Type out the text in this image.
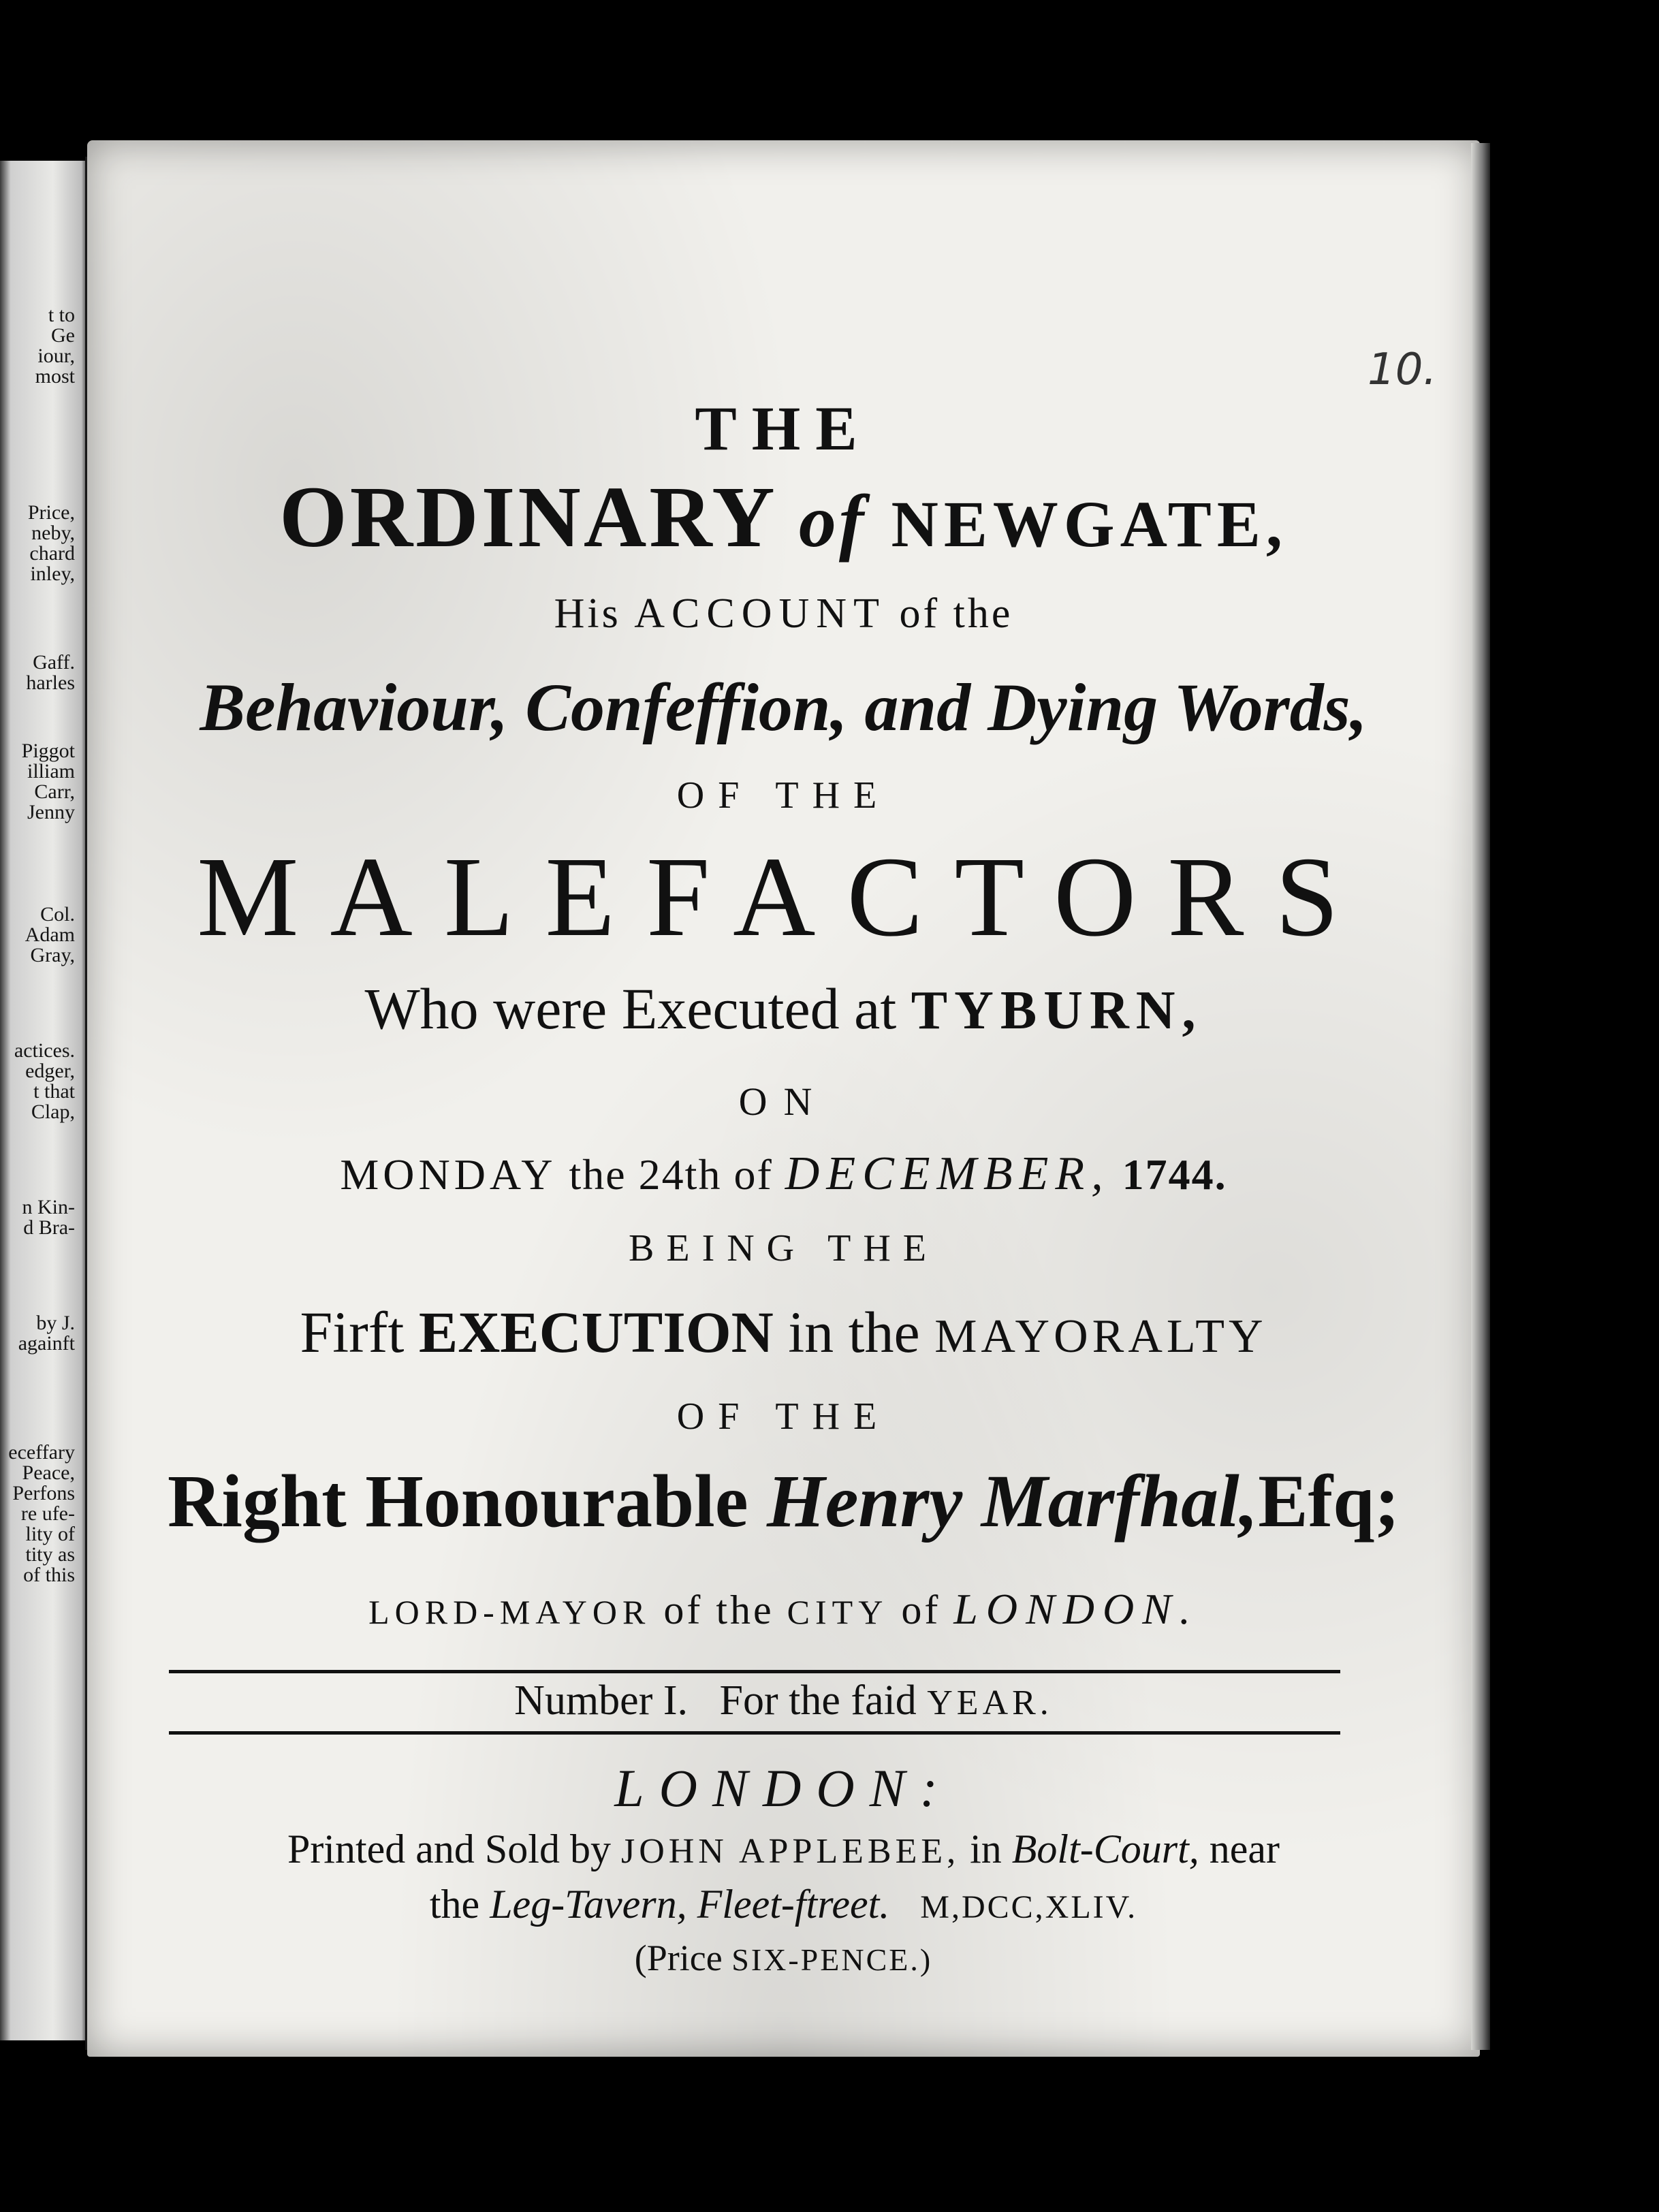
t to
Ge
iour,
most
Price,
neby,
chard
inley,
Gaff.
harles
Piggot
illiam
Carr,
Jenny
Col.
Adam
Gray,
actices.
edger,
t that
Clap,
n Kin-
d Bra-
by J.
againft
eceffary
Peace,
Perfons
re ufe-
lity of
tity as
of this
10.
THE
ORDINARY of NEWGATE,
His ACCOUNT of the
Behaviour, Confeffion, and Dying Words,
OF THE
MALEFACTORS
Who were Executed at TYBURN,
ON
MONDAY the 24th of DECEMBER, 1744.
BEING THE
Firft EXECUTION in the MAYORALTY
OF THE
Right Honourable Henry Marfhal,Efq;
LORD-MAYOR of the CITY of LONDON.
Number I. For the faid YEAR.
LONDON:
Printed and Sold by JOHN APPLEBEE, in Bolt-Court, near
the Leg-Tavern, Fleet-ftreet. M,DCC,XLIV.
(Price SIX-PENCE.)
